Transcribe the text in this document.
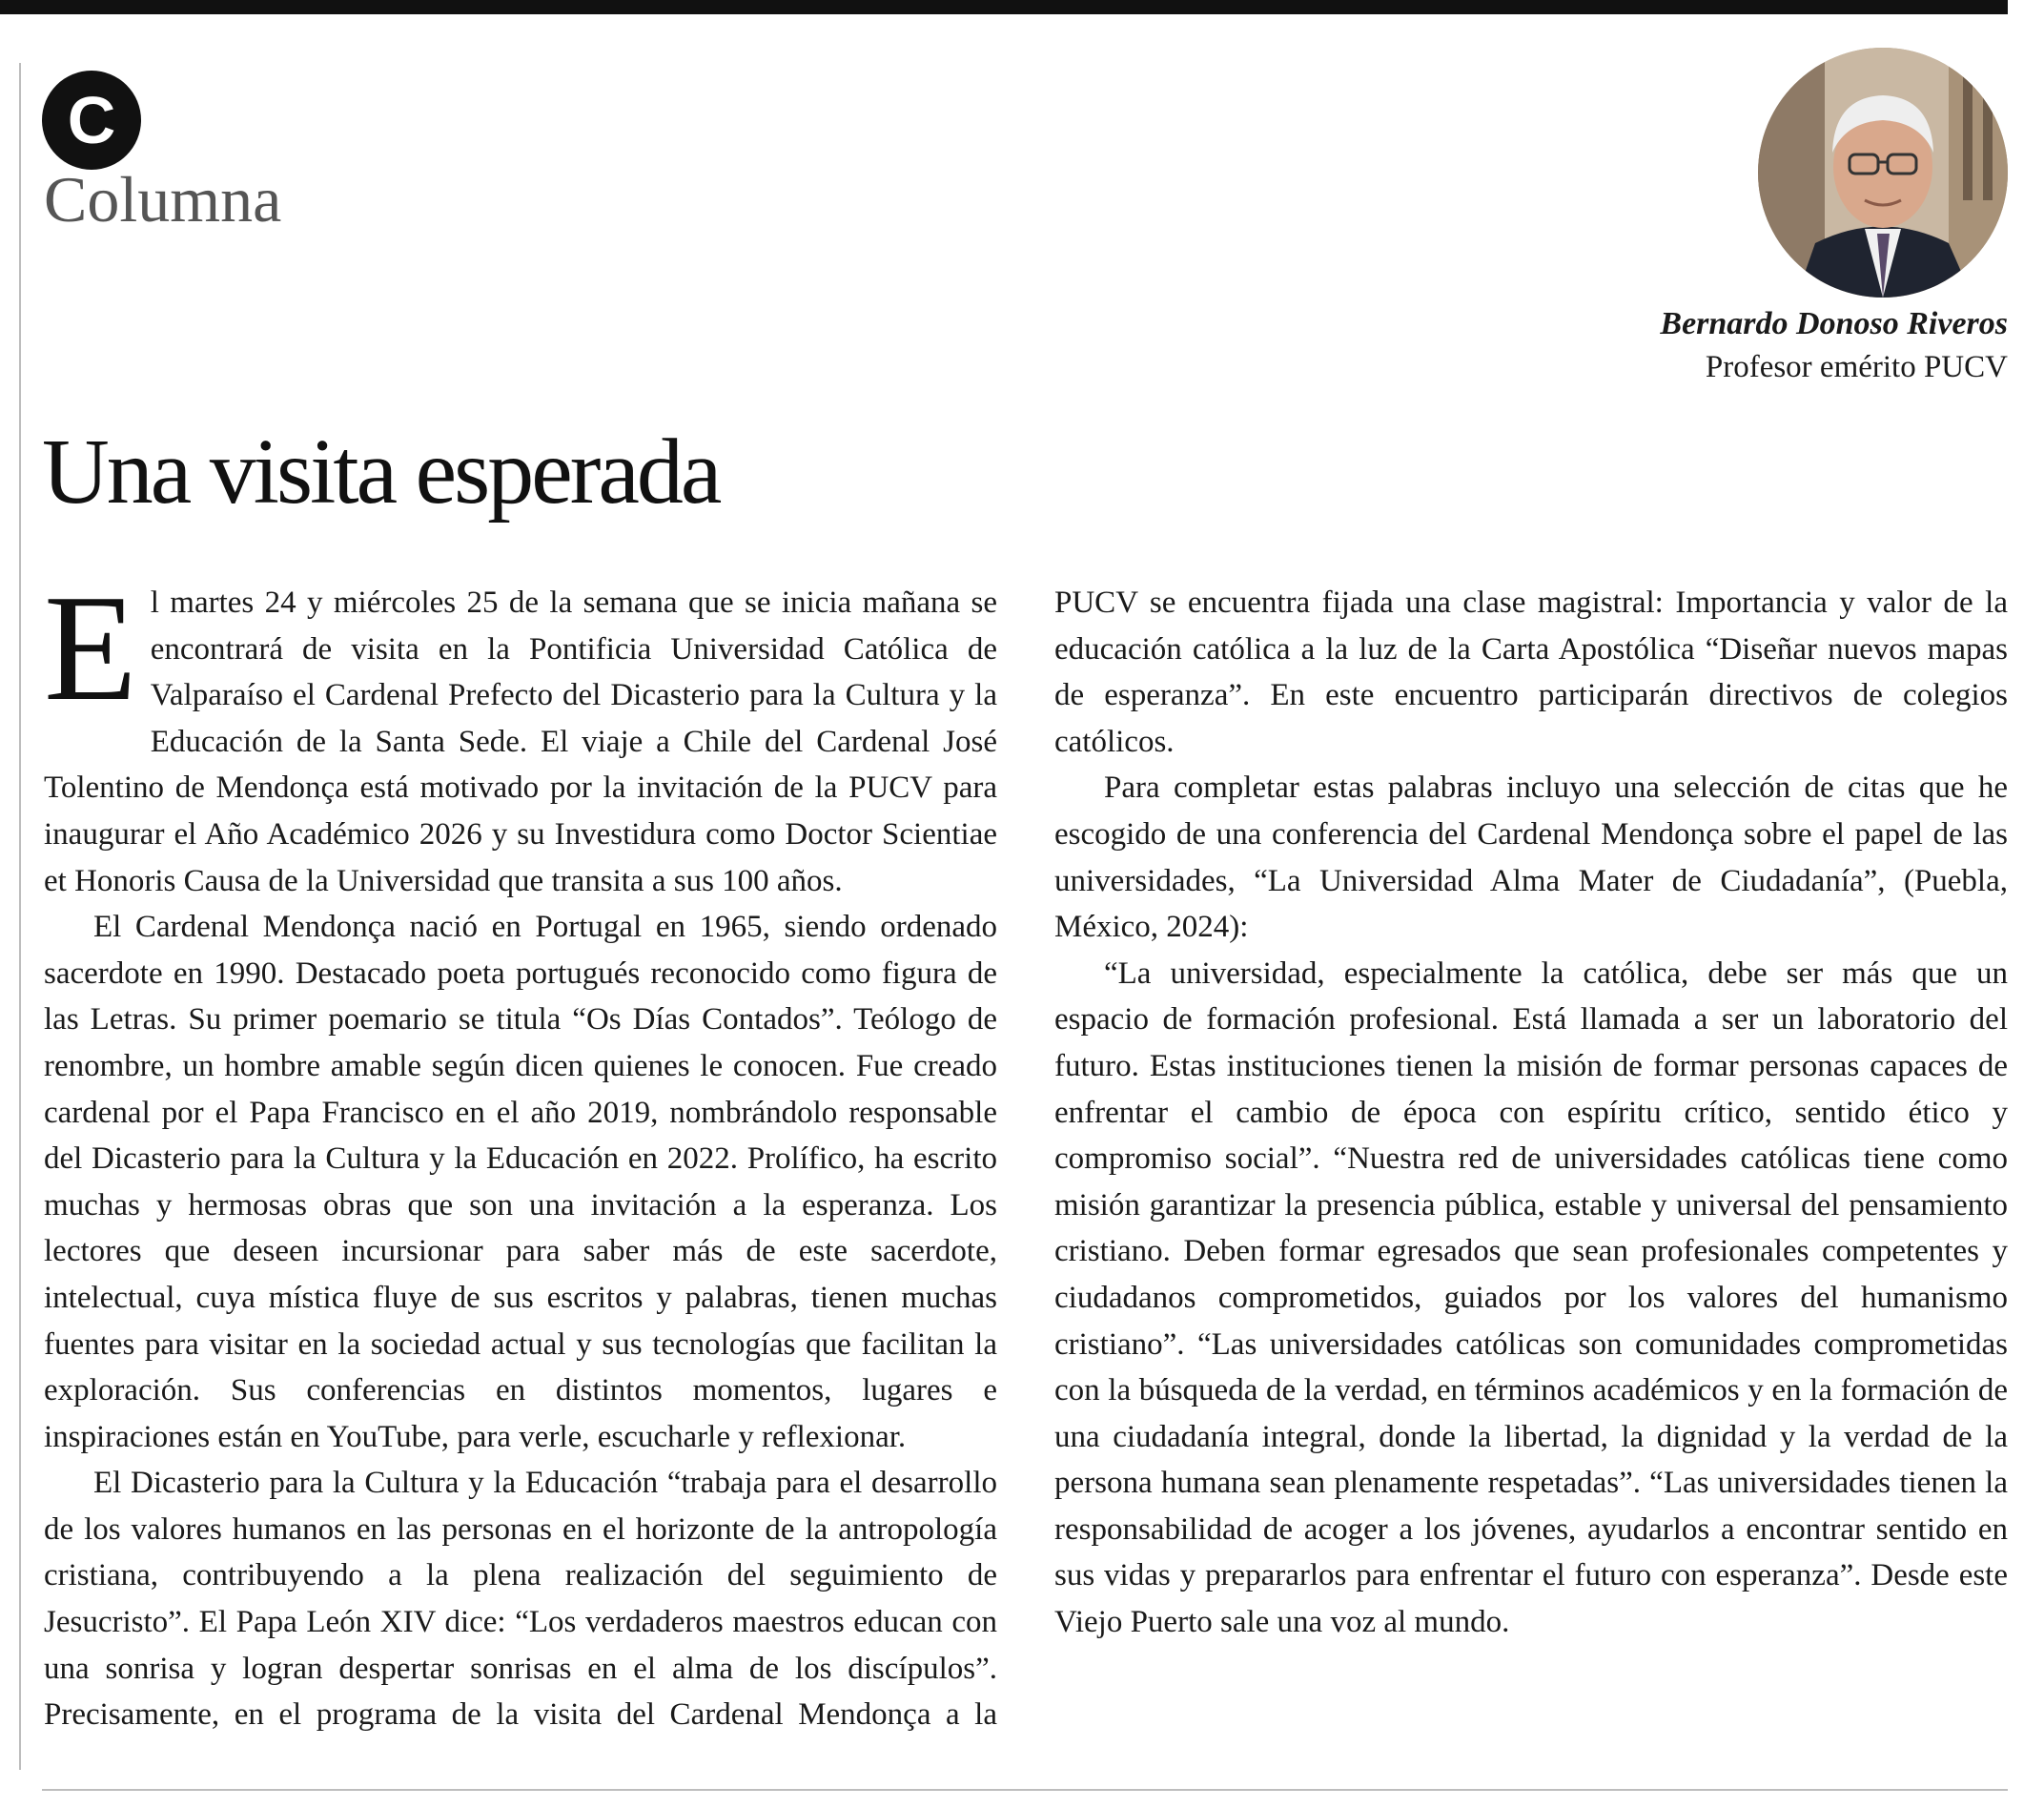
C
Columna
Bernardo Donoso Riveros
Profesor emérito PUCV
Una visita esperada

El martes 24 y miércoles 25 de la semana que se inicia mañana se encontrará de visita en la Pontificia Universidad Católica de Valparaíso el Cardenal Prefecto del Dicasterio para la Cultura y la Educación de la Santa Sede. El viaje a Chile del Cardenal José Tolentino de Mendonça está motivado por la invitación de la PUCV para inaugurar el Año Académico 2026 y su Investidura como Doctor Scientiae et Honoris Causa de la Universidad que transita a sus 100 años.

El Cardenal Mendonça nació en Portugal en 1965, siendo ordenado sacerdote en 1990. Destacado poeta portugués reconocido como figura de las Letras. Su primer poemario se titula “Os Días Contados”. Teólogo de renombre, un hombre amable según dicen quienes le conocen. Fue creado cardenal por el Papa Francisco en el año 2019, nombrándolo responsable del Dicasterio para la Cultura y la Educación en 2022. Prolífico, ha escrito muchas y hermosas obras que son una invitación a la esperanza. Los lectores que deseen incursionar para saber más de este sacerdote, intelectual, cuya mística fluye de sus escritos y palabras, tienen muchas fuentes para visitar en la sociedad actual y sus tecnologías que facilitan la exploración. Sus conferencias en distintos momentos, lugares e inspiraciones están en YouTube, para verle, escucharle y reflexionar.

El Dicasterio para la Cultura y la Educación “trabaja para el desarrollo de los valores humanos en las personas en el horizonte de la antropología cristiana, contribuyendo a la plena realización del seguimiento de Jesucristo”. El Papa León XIV dice: “Los verdaderos maestros educan con una sonrisa y logran despertar sonrisas en el alma de los discípulos”. Precisamente, en el programa de la visita del Cardenal Mendonça a la PUCV se encuentra fijada una clase magistral: Importancia y valor de la educación católica a la luz de la Carta Apostólica “Diseñar nuevos mapas de esperanza”. En este encuentro participarán directivos de colegios católicos.

Para completar estas palabras incluyo una selección de citas que he escogido de una conferencia del Cardenal Mendonça sobre el papel de las universidades, “La Universidad Alma Mater de Ciudadanía”, (Puebla, México, 2024):

“La universidad, especialmente la católica, debe ser más que un espacio de formación profesional. Está llamada a ser un laboratorio del futuro. Estas instituciones tienen la misión de formar personas capaces de enfrentar el cambio de época con espíritu crítico, sentido ético y compromiso social”. “Nuestra red de universidades católicas tiene como misión garantizar la presencia pública, estable y universal del pensamiento cristiano. Deben formar egresados que sean profesionales competentes y ciudadanos comprometidos, guiados por los valores del humanismo cristiano”. “Las universidades católicas son comunidades comprometidas con la búsqueda de la verdad, en términos académicos y en la formación de una ciudadanía integral, donde la libertad, la dignidad y la verdad de la persona humana sean plenamente respetadas”. “Las universidades tienen la responsabilidad de acoger a los jóvenes, ayudarlos a encontrar sentido en sus vidas y prepararlos para enfrentar el futuro con esperanza”. Desde este Viejo Puerto sale una voz al mundo.
